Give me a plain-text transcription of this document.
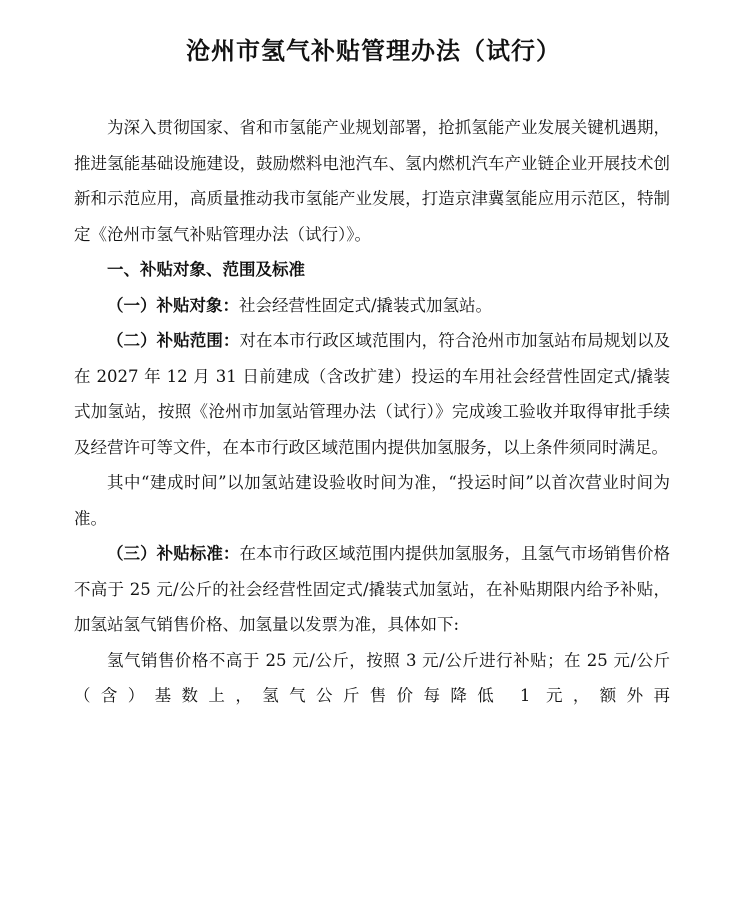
沧州市氢气补贴管理办法（试行）

为深入贯彻国家、省和市氢能产业规划部署，抢抓氢能产业发展关键机遇期，推进氢能基础设施建设，鼓励燃料电池汽车、氢内燃机汽车产业链企业开展技术创新和示范应用，高质量推动我市氢能产业发展，打造京津冀氢能应用示范区，特制定《沧州市氢气补贴管理办法（试行）》。

一、补贴对象、范围及标准

（一）补贴对象：社会经营性固定式/撬装式加氢站。

（二）补贴范围：对在本市行政区域范围内，符合沧州市加氢站布局规划以及在 2027 年 12 月 31 日前建成（含改扩建）投运的车用社会经营性固定式/撬装式加氢站，按照《沧州市加氢站管理办法（试行）》完成竣工验收并取得审批手续及经营许可等文件，在本市行政区域范围内提供加氢服务，以上条件须同时满足。

其中“建成时间”以加氢站建设验收时间为准，“投运时间”以首次营业时间为准。

（三）补贴标准：在本市行政区域范围内提供加氢服务，且氢气市场销售价格不高于 25 元/公斤的社会经营性固定式/撬装式加氢站，在补贴期限内给予补贴，加氢站氢气销售价格、加氢量以发票为准，具体如下:

氢气销售价格不高于 25 元/公斤，按照 3 元/公斤进行补贴；在 25 元/公斤（含）基数上，氢气公斤售价每降低 1 元，额外再
